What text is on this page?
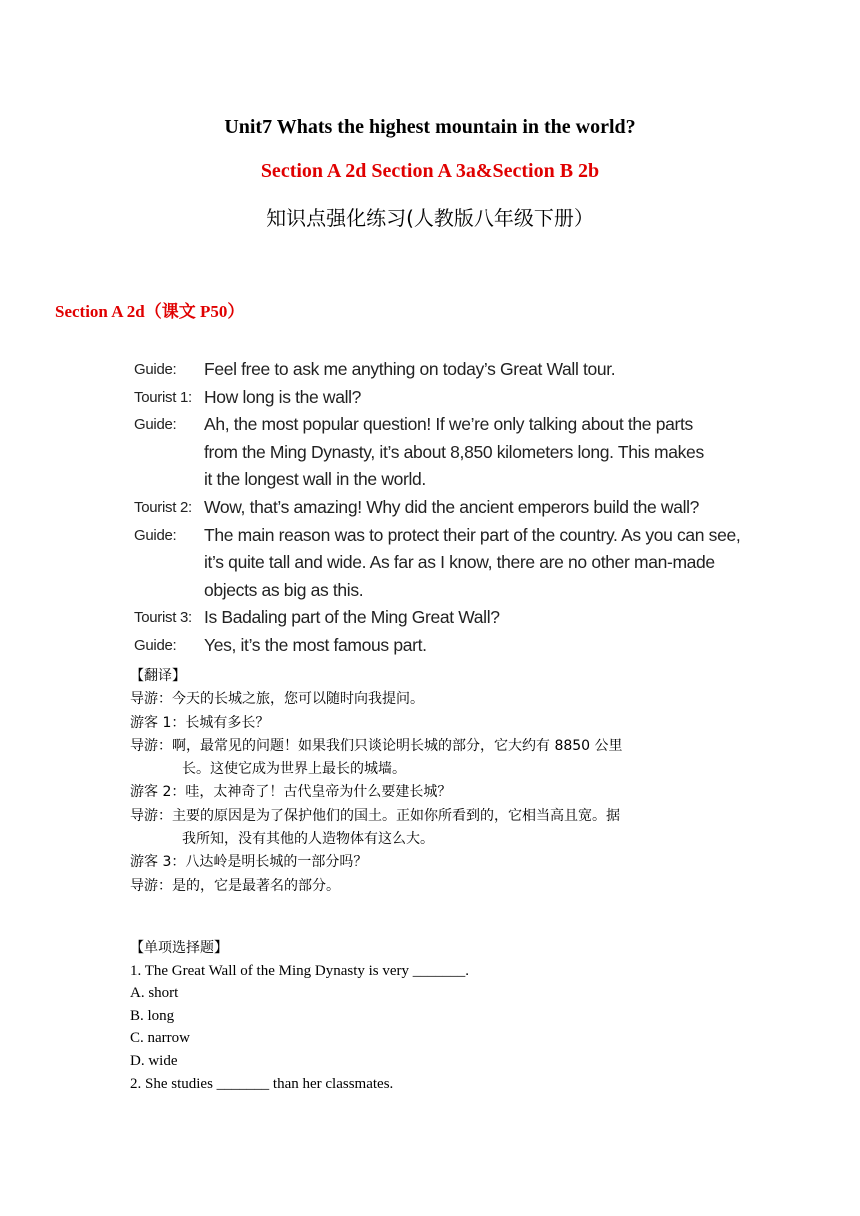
Unit7 Whats the highest mountain in the world?
Section A 2d Section A 3a&Section B 2b
知识点强化练习(人教版八年级下册）
Section A 2d（课文 P50）
Guide: Feel free to ask me anything on today’s Great Wall tour.
Tourist 1: How long is the wall?
Guide: Ah, the most popular question! If we’re only talking about the parts
from the Ming Dynasty, it’s about 8,850 kilometers long. This makes
it the longest wall in the world.
Tourist 2: Wow, that’s amazing! Why did the ancient emperors build the wall?
Guide: The main reason was to protect their part of the country. As you can see,
it’s quite tall and wide. As far as I know, there are no other man-made
objects as big as this.
Tourist 3: Is Badaling part of the Ming Great Wall?
Guide: Yes, it’s the most famous part.
【翻译】
导游：今天的长城之旅，您可以随时向我提问。
游客 1：长城有多长？
导游：啊，最常见的问题！如果我们只谈论明长城的部分，它大约有 8850 公里
长。这使它成为世界上最长的城墙。
游客 2：哇，太神奇了！古代皇帝为什么要建长城？
导游：主要的原因是为了保护他们的国土。正如你所看到的，它相当高且宽。据
我所知，没有其他的人造物体有这么大。
游客 3：八达岭是明长城的一部分吗？
导游：是的，它是最著名的部分。
【单项选择题】
1. The Great Wall of the Ming Dynasty is very _______.
A. short
B. long
C. narrow
D. wide
2. She studies _______ than her classmates.
